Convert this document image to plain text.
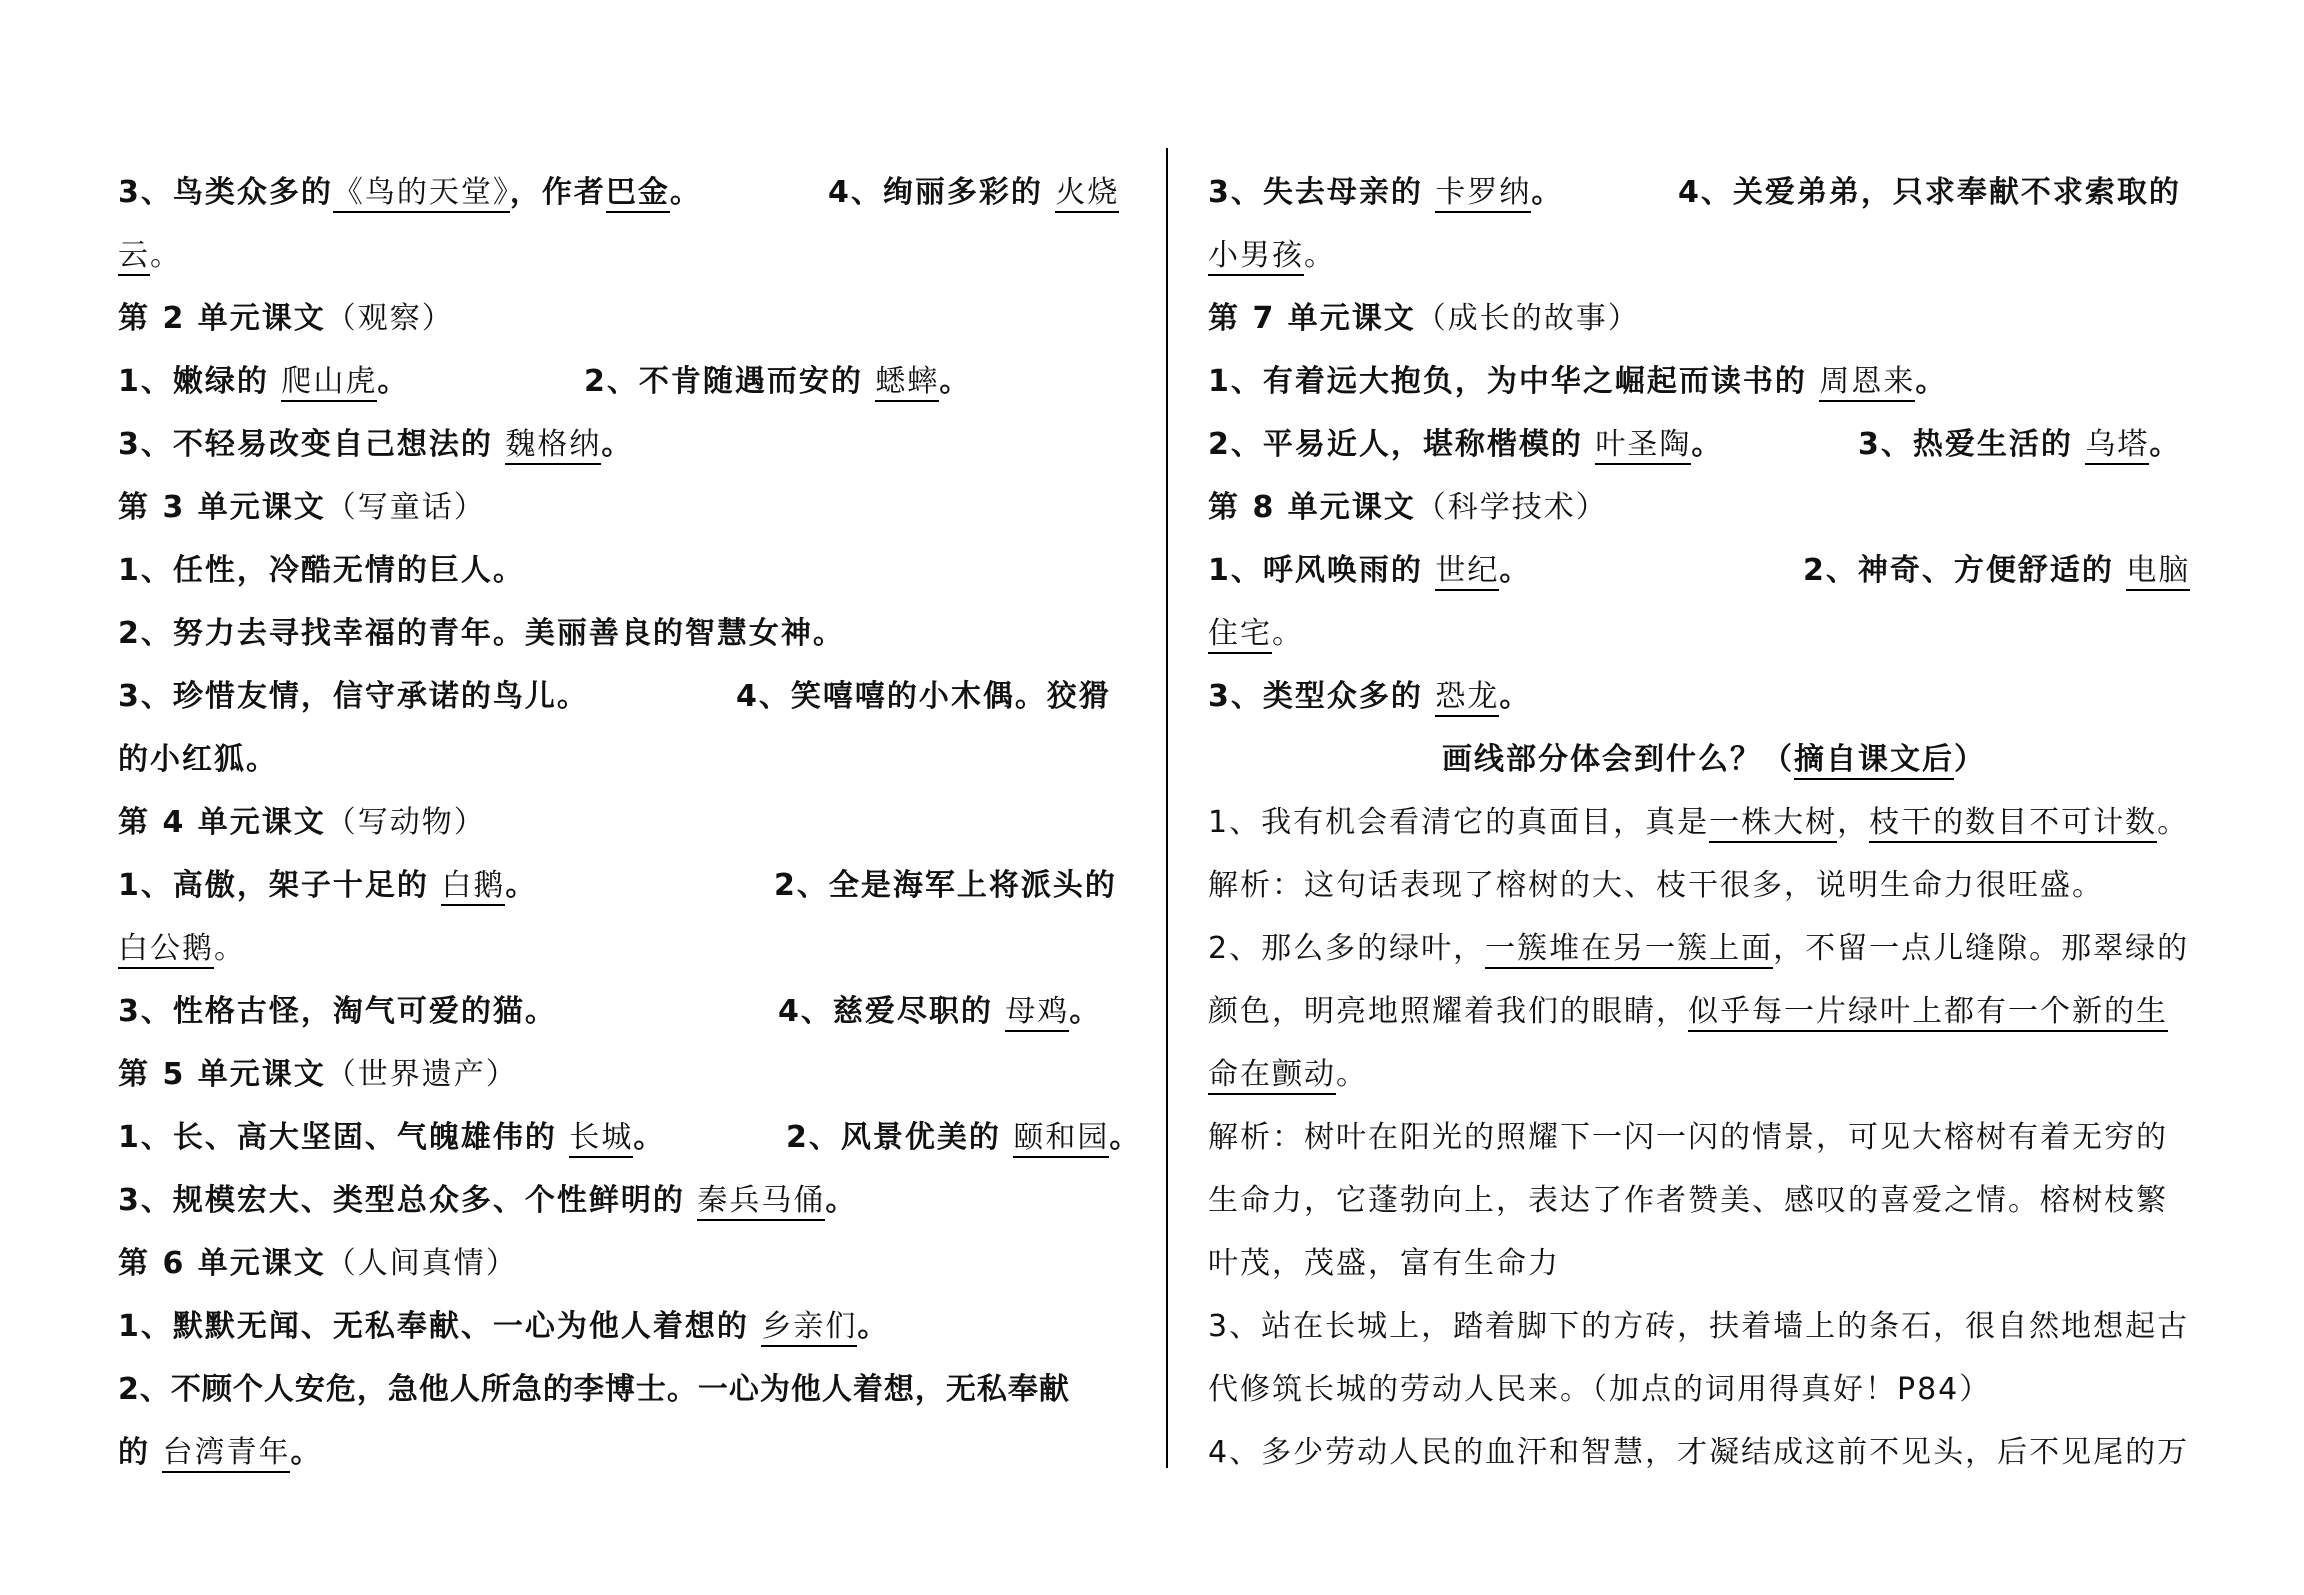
3、鸟类众多的《鸟的天堂》，作者巴金。	4、绚丽多彩的 火烧
云。
第 2 单元课文（观察）
1、嫩绿的 爬山虎。	2、不肯随遇而安的 蟋蟀。
3、不轻易改变自己想法的 魏格纳。
第 3 单元课文（写童话）
1、任性，冷酷无情的巨人。
2、努力去寻找幸福的青年。美丽善良的智慧女神。
3、珍惜友情，信守承诺的鸟儿。	4、笑嘻嘻的小木偶。狡猾
的小红狐。
第 4 单元课文（写动物）
1、高傲，架子十足的 白鹅。	2、全是海军上将派头的
白公鹅。
3、性格古怪，淘气可爱的猫。	4、慈爱尽职的 母鸡。
第 5 单元课文（世界遗产）
1、长、高大坚固、气魄雄伟的 长城。	2、风景优美的 颐和园。
3、规模宏大、类型总众多、个性鲜明的 秦兵马俑。
第 6 单元课文（人间真情）
1、默默无闻、无私奉献、一心为他人着想的 乡亲们。
2、不顾个人安危，急他人所急的李博士。一心为他人着想，无私奉献
的 台湾青年。
3、失去母亲的 卡罗纳。	4、关爱弟弟，只求奉献不求索取的
小男孩。
第 7 单元课文（成长的故事）
1、有着远大抱负，为中华之崛起而读书的 周恩来。
2、平易近人，堪称楷模的 叶圣陶。	3、热爱生活的 乌塔。
第 8 单元课文（科学技术）
1、呼风唤雨的 世纪。	2、神奇、方便舒适的 电脑
住宅。
3、类型众多的 恐龙。
画线部分体会到什么？（摘自课文后）
1、我有机会看清它的真面目，真是一株大树，枝干的数目不可计数。
解析：这句话表现了榕树的大、枝干很多，说明生命力很旺盛。
2、那么多的绿叶，一簇堆在另一簇上面，不留一点儿缝隙。那翠绿的
颜色，明亮地照耀着我们的眼睛，似乎每一片绿叶上都有一个新的生
命在颤动。
解析：树叶在阳光的照耀下一闪一闪的情景，可见大榕树有着无穷的
生命力，它蓬勃向上，表达了作者赞美、感叹的喜爱之情。榕树枝繁
叶茂，茂盛，富有生命力
3、站在长城上，踏着脚下的方砖，扶着墙上的条石，很自然地想起古
代修筑长城的劳动人民来。（加点的词用得真好！P84）
4、多少劳动人民的血汗和智慧，才凝结成这前不见头，后不见尾的万
